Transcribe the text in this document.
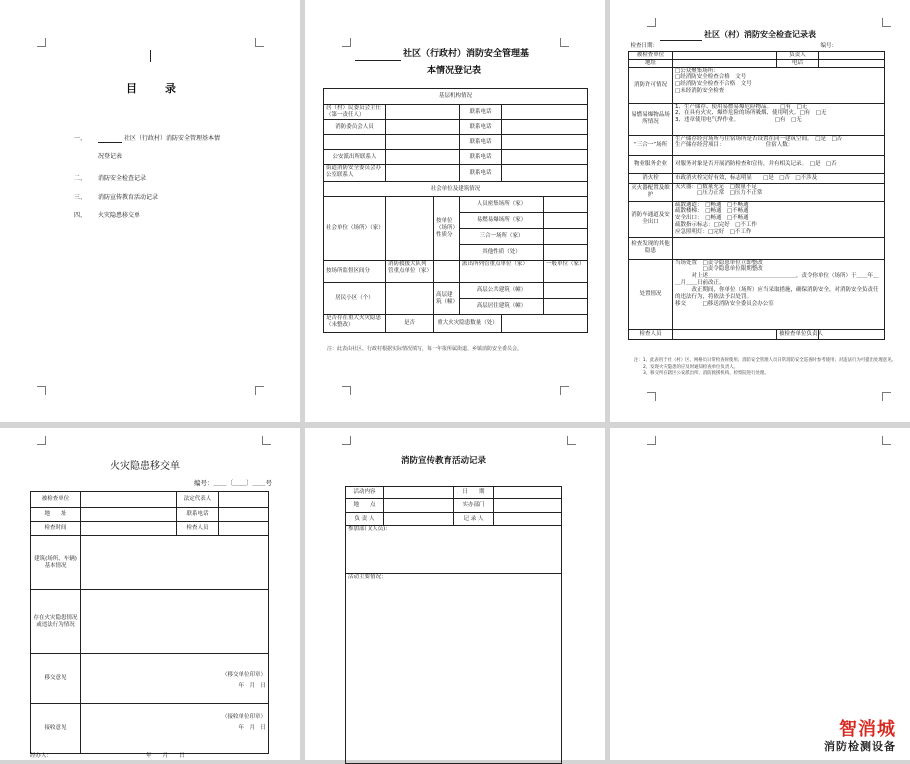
目　　录
一、	社区（行政村）消防安全管理基本情
况登记表
二、 消防安全检查记录
三、 消防宣传教育活动记录
四、 火灾隐患移交单
社区（行政村）消防安全管理基
本情况登记表
基层机构情况					
居（村）民委员会主任（第一责任人）			联系电话		
消防委员会人员			联系电话		
			联系电话		
公安派出所联系人			联系电话		
街道消防安全委员会办公室联系人			联系电话		
社会单位及建筑情况					
社会单位（场所）（家）		按单位（场所）性质分	人员密集场所（家）		
			易燃易爆场所（家）		
			三合一场所（家）		
			其他性质（处）		
按场所监督区间分	消防救援大队列管重点单位（家）		派出所列管重点单位（家）		一般单位（家）
居民小区（个）		高层建筑（幢）	高层公共建筑（幢）		
			高层居住建筑（幢）		
是否存在重大火灾隐患（未整改）	是否	重大火灾隐患数量（处）			
注：此表由社区、行政村根据实际情况填写，每一年报所属街道、乡镇消防安全委员会。
社区（村）消防安全检查记录表
检查日期：			编号：
被检查单位		负责人	
地址		电话	
消防许可情况	□公众聚集场所：
□经消防安全检查合格　文号
□经消防安全检查不合格　文号
□未经消防安全检查		
易燃易爆物品场所情况	1、生产储存、使用易燃易爆危险物品。　　□有　□无
2、在具有火灾、爆炸危险的场所吸烟、使用明火。□有　□无
3、违章使用电气焊作业。　　　　　　　□有　□无		
“三合一”场所	生产储存经营场所与住宿场所是否设置在同一建筑空间。　□是　□否
生产储存经营项目：　　　　　　　　住宿人数：		
物业服务企业	对服务对象是否开展消防检查和宣传，并有相关记录。　□是　□否		
消火栓	市政消火栓完好有效，标志明显　　□是　□否　□不涉及		
灭火器配置及维护	灭火器：□数量充足　□数量不足
　　　　□压力正常　□压力不正常		
消防车通道及安全出口	疏散通道：　□畅通　□不畅通
疏散楼梯：　□畅通　□不畅通
安全出口：　□畅通　□不畅通
疏散指示标志：□完好　□不工作
应急照明灯：□完好　□不工作		
检查发现的其他隐患			
处置情况	当场处置　□责令隐患单位立即整改
　　　　　□责令隐患单位限期整改
　　　对上述＿＿＿＿＿＿＿＿＿＿＿＿＿＿＿＿，责令你单位（场所）于＿＿年＿＿月＿＿日前改正。
　　　改正期间，你单位（场所）应当采取措施，确保消防安全，对消防安全负责任的违法行为，将依法予以处罚。
移交　　　□移送消防安全委员会办公室		
检查人员		被检查单位负责人	
注：1、此表用于社（村）区、网格员日常检查时使用；消防安全管理人员日常消防安全巡查时参考使用；对违法行为可提出处理意见。
2、发现火灾隐患的应及时通知检查单位负责人。
3、移交所在辖区公安派出所、消防救援机构、检察院进行处理。
火灾隐患移交单
编号：＿＿〔＿＿〕＿＿号
被检查单位		法定代表人	
地　　址		联系电话	
检查时间		检查人员	
建筑(场所、车辆)基本情况			
存在火灾隐患情况或违法行为情况			
移交意见	（移交单位印章）
年　月　日		
接收意见	（接收单位印章）
年　月　日		
经办人：	年　　月　　日
消防宣传教育活动记录
活动内容		日　　期	
地　　点		实办部门	
负 责 人		记 录 人	
参加部门(人员)：			
活动主要情况：			
智消城
消防检测设备
